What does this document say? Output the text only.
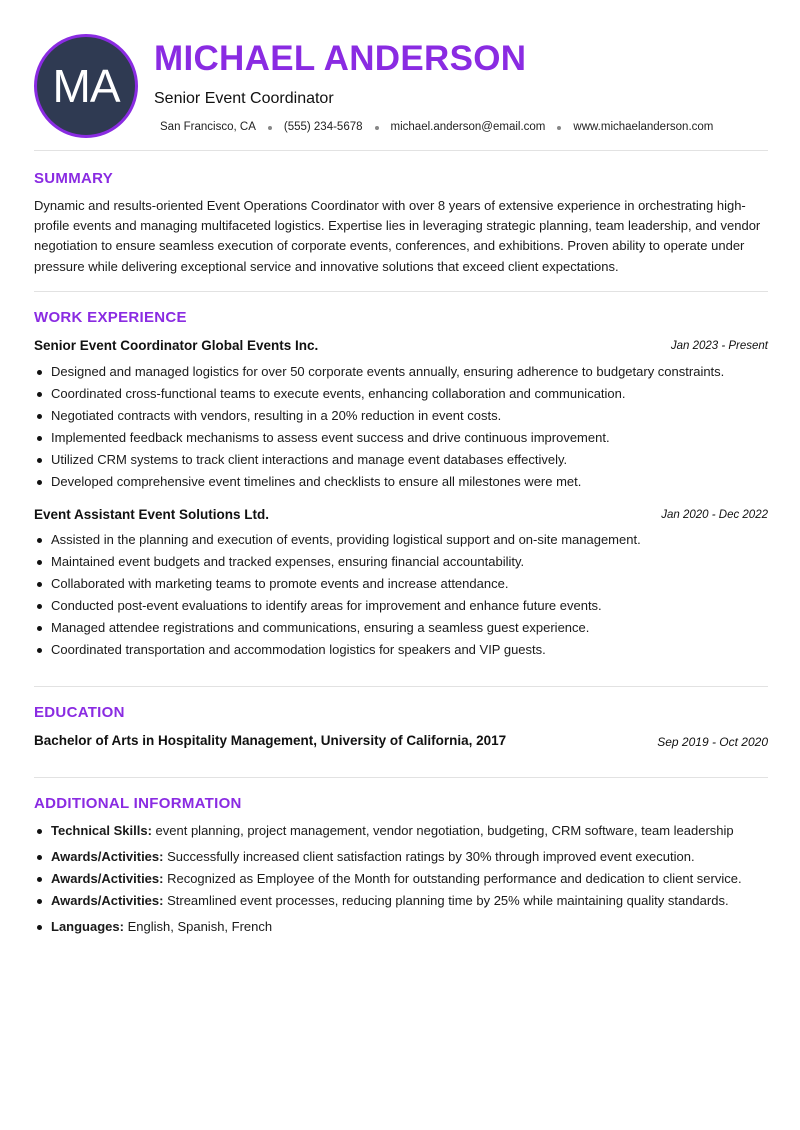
MA
MICHAEL ANDERSON
Senior Event Coordinator
San Francisco, CA (555) 234-5678 michael.anderson@email.com www.michaelanderson.com
SUMMARY
Dynamic and results-oriented Event Operations Coordinator with over 8 years of extensive experience in orchestrating high-profile events and managing multifaceted logistics. Expertise lies in leveraging strategic planning, team leadership, and vendor negotiation to ensure seamless execution of corporate events, conferences, and exhibitions. Proven ability to operate under pressure while delivering exceptional service and innovative solutions that exceed client expectations.
WORK EXPERIENCE
Senior Event Coordinator Global Events Inc.	Jan 2023 - Present
Designed and managed logistics for over 50 corporate events annually, ensuring adherence to budgetary constraints.
Coordinated cross-functional teams to execute events, enhancing collaboration and communication.
Negotiated contracts with vendors, resulting in a 20% reduction in event costs.
Implemented feedback mechanisms to assess event success and drive continuous improvement.
Utilized CRM systems to track client interactions and manage event databases effectively.
Developed comprehensive event timelines and checklists to ensure all milestones were met.
Event Assistant Event Solutions Ltd.	Jan 2020 - Dec 2022
Assisted in the planning and execution of events, providing logistical support and on-site management.
Maintained event budgets and tracked expenses, ensuring financial accountability.
Collaborated with marketing teams to promote events and increase attendance.
Conducted post-event evaluations to identify areas for improvement and enhance future events.
Managed attendee registrations and communications, ensuring a seamless guest experience.
Coordinated transportation and accommodation logistics for speakers and VIP guests.
EDUCATION
Bachelor of Arts in Hospitality Management, University of California, 2017	Sep 2019 - Oct 2020
ADDITIONAL INFORMATION
Technical Skills: event planning, project management, vendor negotiation, budgeting, CRM software, team leadership
Awards/Activities: Successfully increased client satisfaction ratings by 30% through improved event execution.
Awards/Activities: Recognized as Employee of the Month for outstanding performance and dedication to client service.
Awards/Activities: Streamlined event processes, reducing planning time by 25% while maintaining quality standards.
Languages: English, Spanish, French
